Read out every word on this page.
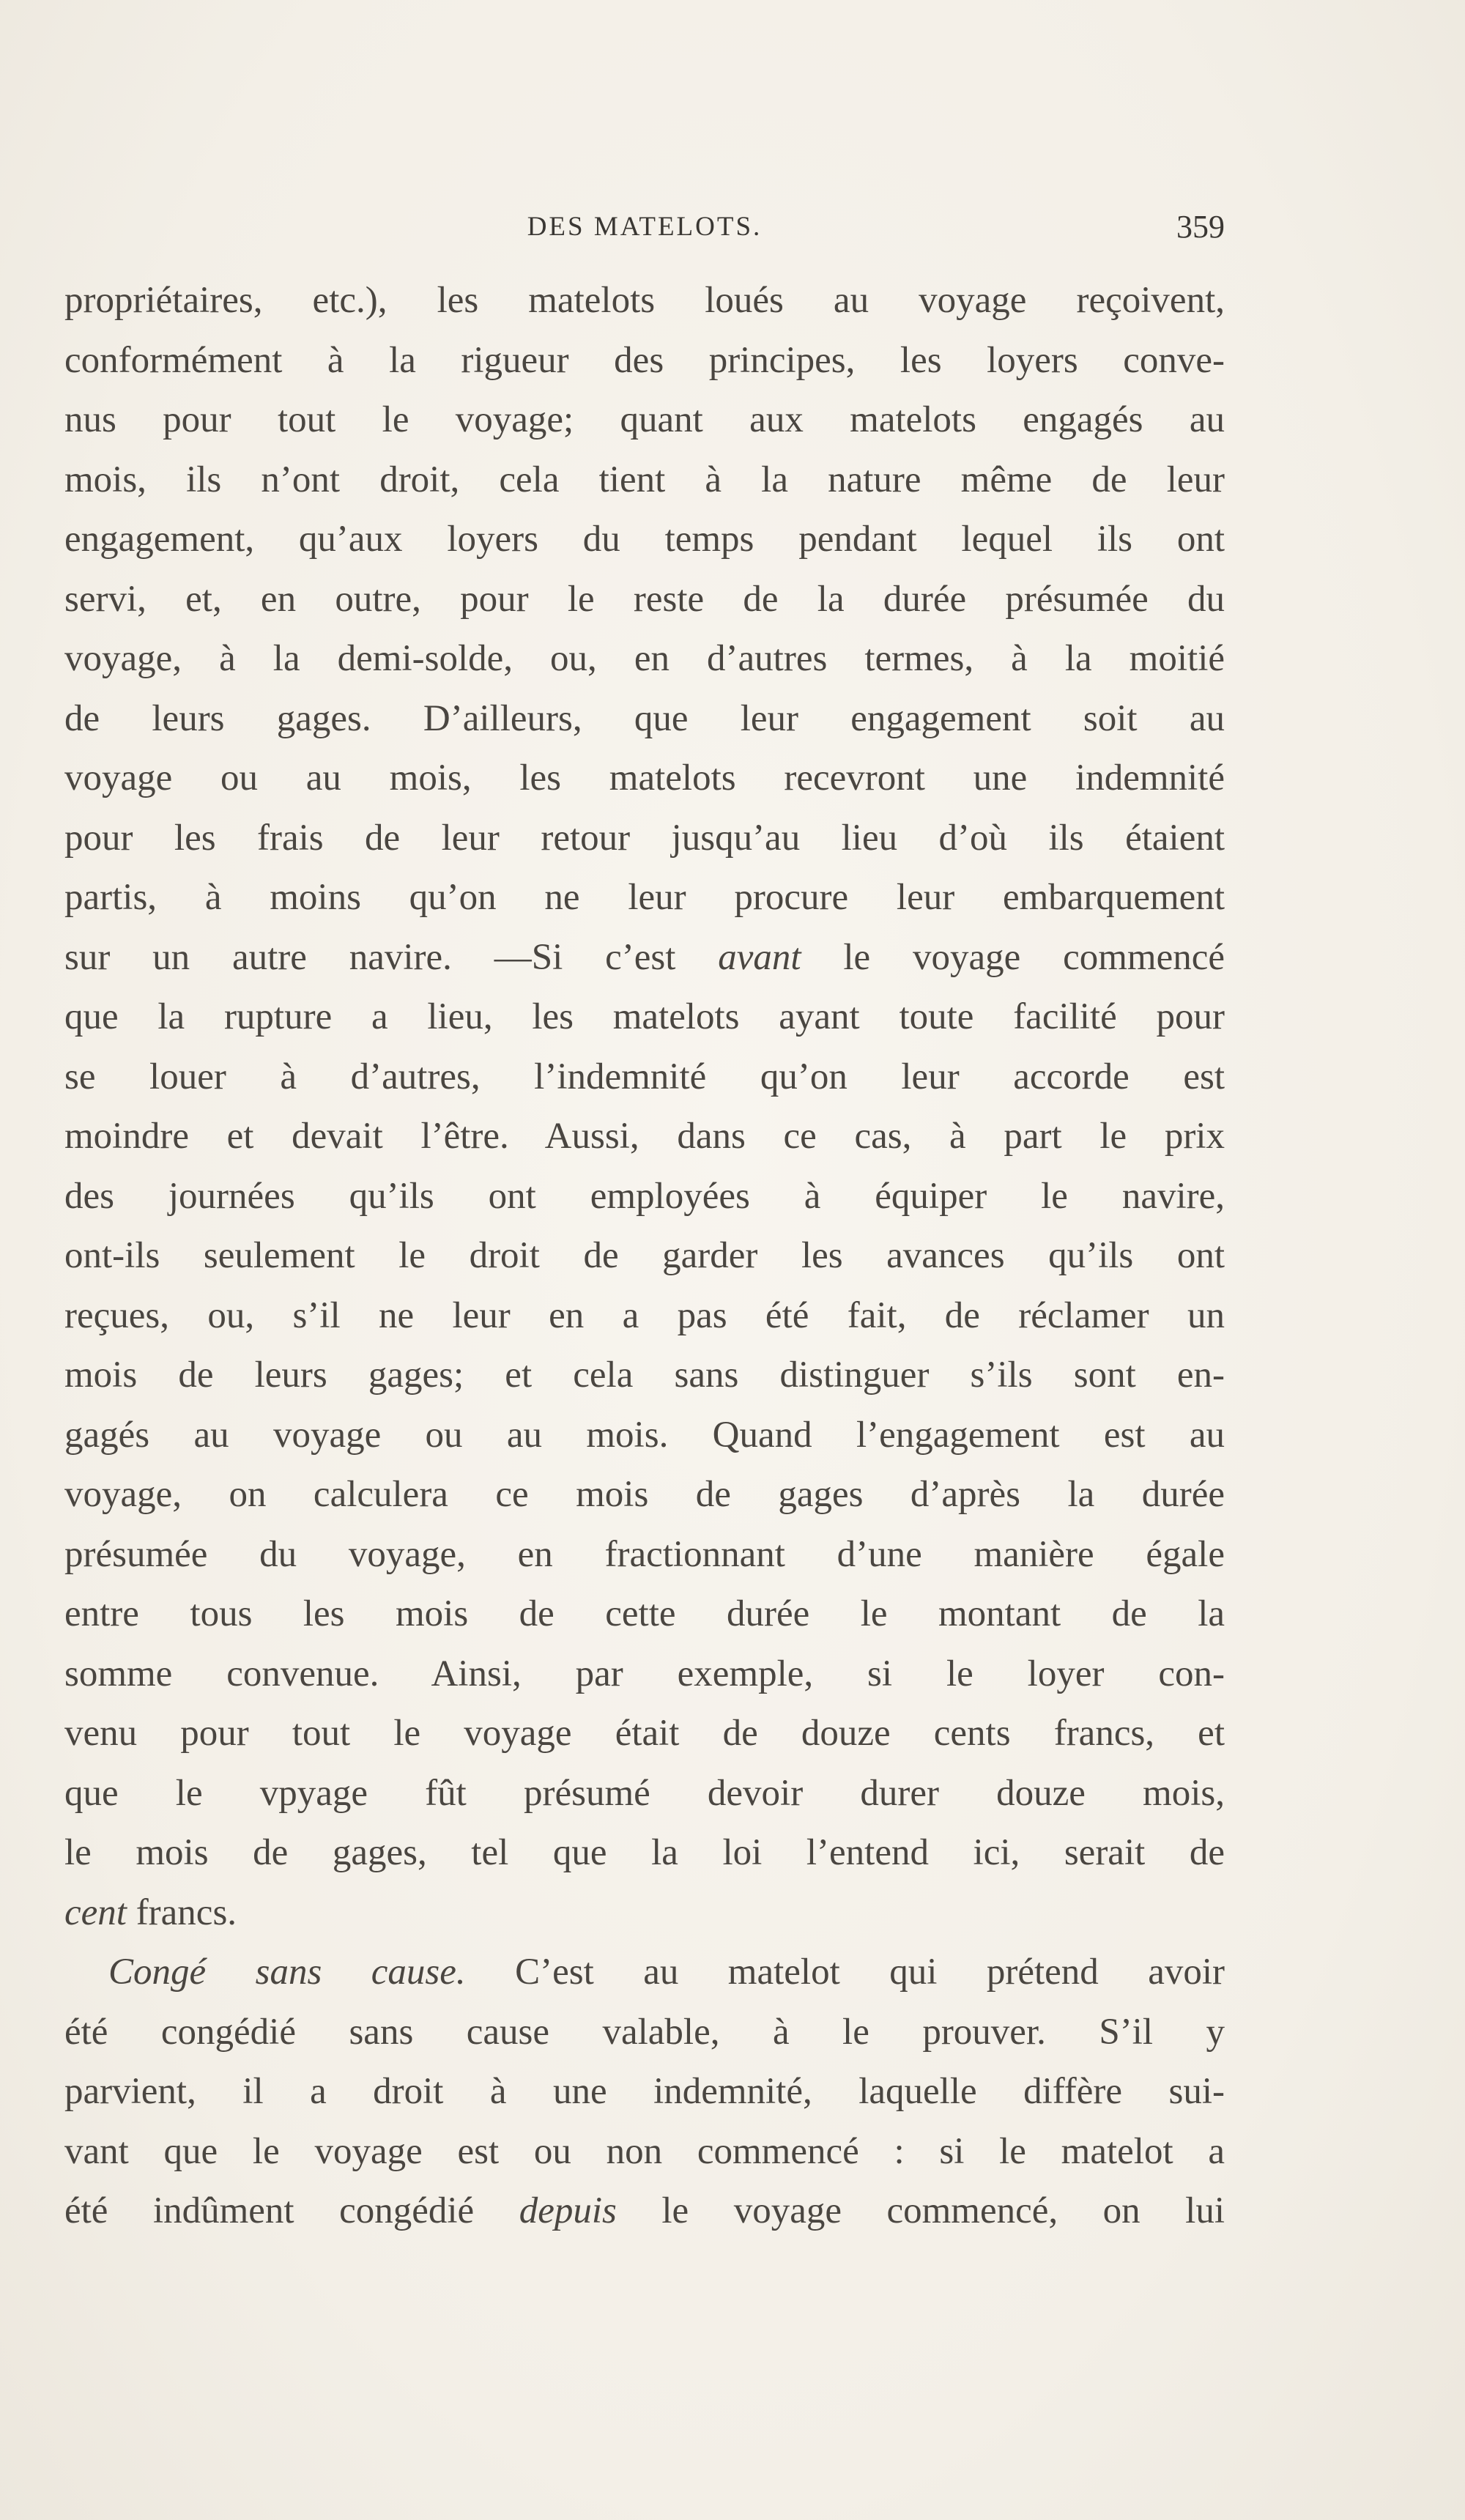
DES MATELOTS.	359
propriétaires, etc.), les matelots loués au voyage reçoivent,
conformément à la rigueur des principes, les loyers conve-
nus pour tout le voyage; quant aux matelots engagés au
mois, ils n’ont droit, cela tient à la nature même de leur
engagement, qu’aux loyers du temps pendant lequel ils ont
servi, et, en outre, pour le reste de la durée présumée du
voyage, à la demi-solde, ou, en d’autres termes, à la moitié
de leurs gages. D’ailleurs, que leur engagement soit au
voyage ou au mois, les matelots recevront une indemnité
pour les frais de leur retour jusqu’au lieu d’où ils étaient
partis, à moins qu’on ne leur procure leur embarquement
sur un autre navire. —Si c’est avant le voyage commencé
que la rupture a lieu, les matelots ayant toute facilité pour
se louer à d’autres, l’indemnité qu’on leur accorde est
moindre et devait l’être. Aussi, dans ce cas, à part le prix
des journées qu’ils ont employées à équiper le navire,
ont-ils seulement le droit de garder les avances qu’ils ont
reçues, ou, s’il ne leur en a pas été fait, de réclamer un
mois de leurs gages; et cela sans distinguer s’ils sont en-
gagés au voyage ou au mois. Quand l’engagement est au
voyage, on calculera ce mois de gages d’après la durée
présumée du voyage, en fractionnant d’une manière égale
entre tous les mois de cette durée le montant de la
somme convenue. Ainsi, par exemple, si le loyer con-
venu pour tout le voyage était de douze cents francs, et
que le vpyage fût présumé devoir durer douze mois,
le mois de gages, tel que la loi l’entend ici, serait de
cent francs.
Congé sans cause. C’est au matelot qui prétend avoir
été congédié sans cause valable, à le prouver. S’il y
parvient, il a droit à une indemnité, laquelle diffère sui-
vant que le voyage est ou non commencé : si le matelot a
été indûment congédié depuis le voyage commencé, on lui
